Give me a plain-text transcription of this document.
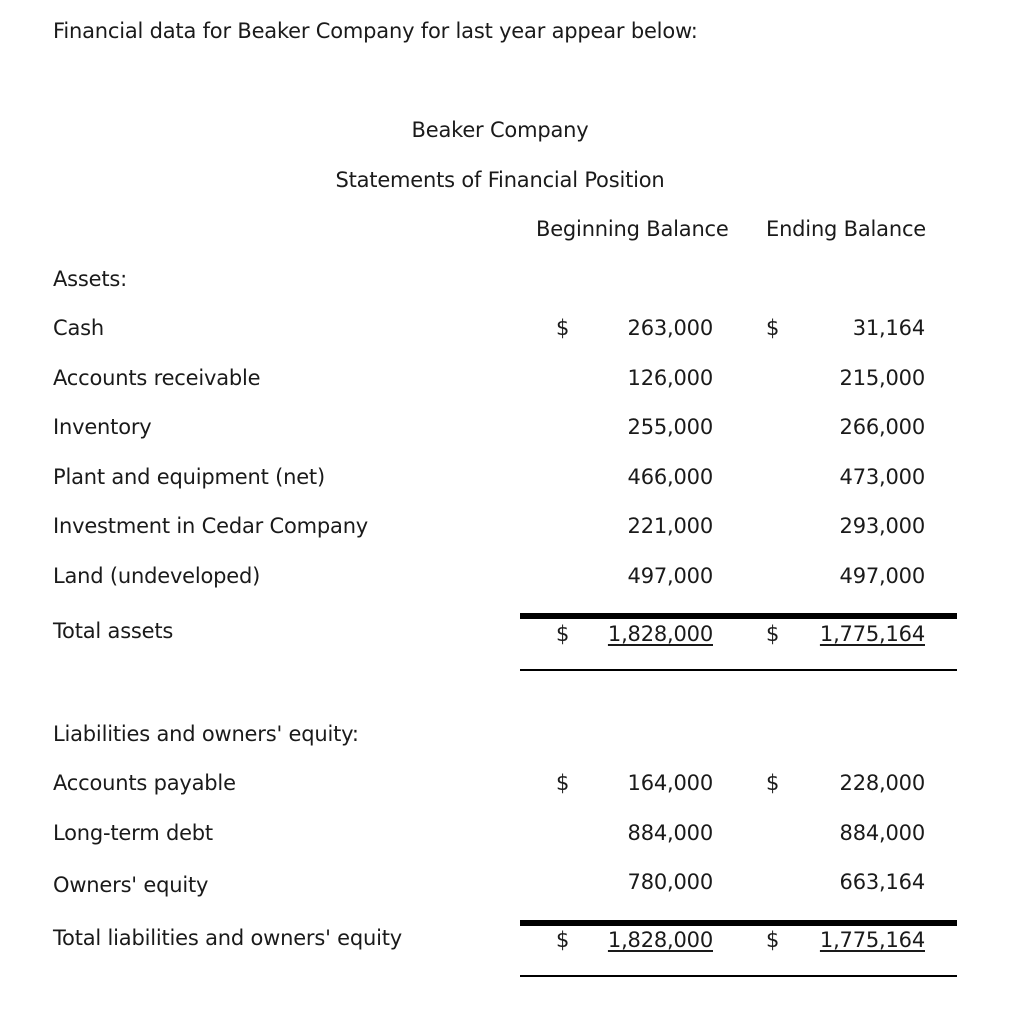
Financial data for Beaker Company for last year appear below:
Beaker Company
Statements of Financial Position
Beginning Balance Ending Balance
Assets:
Cash	$	263,000	$	31,164
Accounts receivable	126,000	215,000
Inventory	255,000	266,000
Plant and equipment (net)	466,000	473,000
Investment in Cedar Company	221,000	293,000
Land (undeveloped)	497,000	497,000
Total assets	$ 1,828,000	$ 1,775,164
Liabilities and owners' equity:
Accounts payable	$	164,000	$	228,000
Long-term debt	884,000	884,000
Owners' equity	780,000	663,164
Total liabilities and owners' equity	$ 1,828,000	$ 1,775,164
